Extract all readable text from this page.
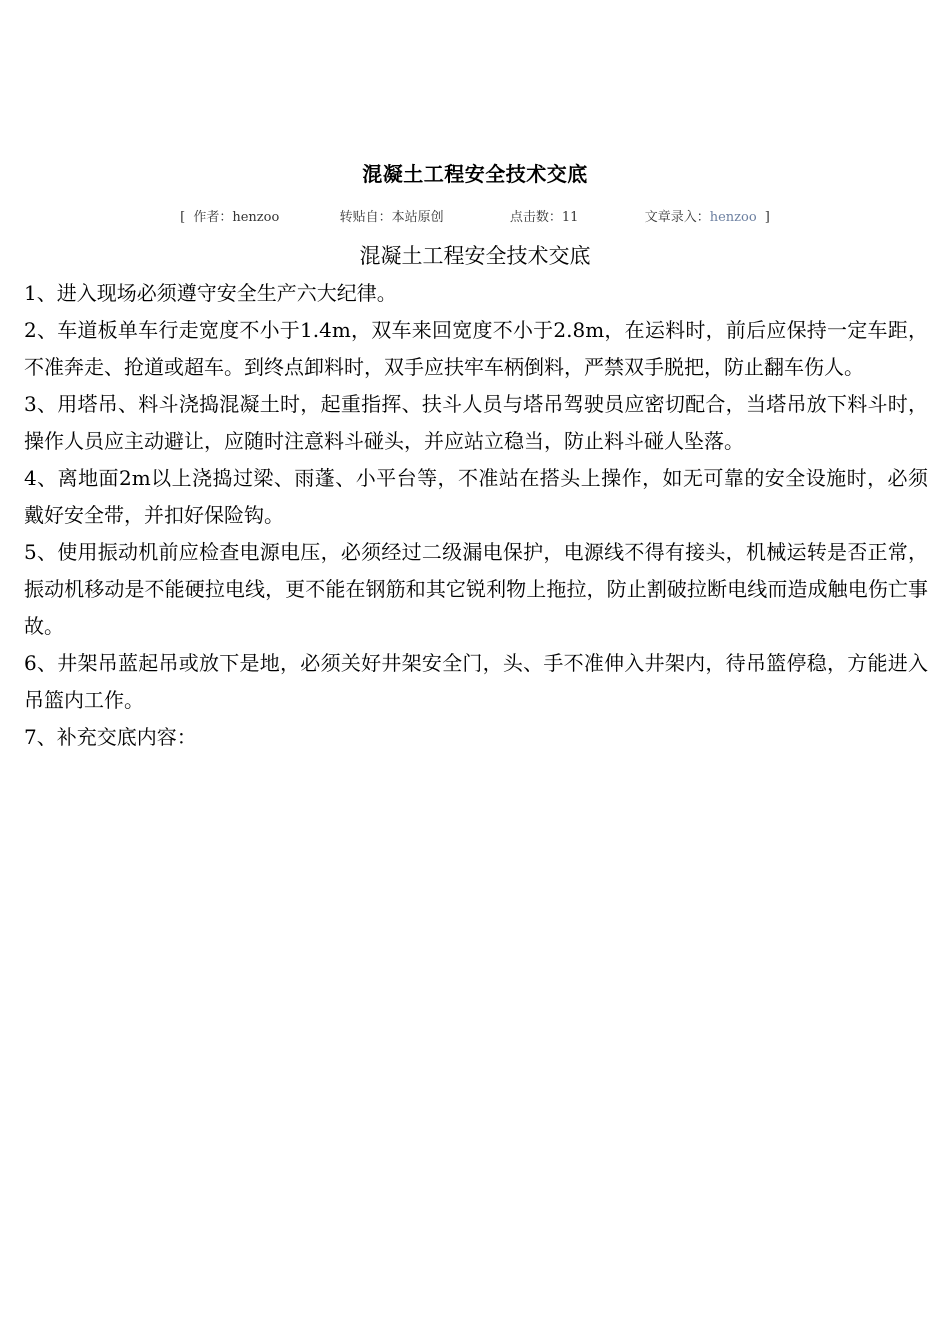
混凝土工程安全技术交底
[ 作者：henzoo	转贴自：本站原创	点击数：11	文章录入：henzoo ]
混凝土工程安全技术交底

1、进入现场必须遵守安全生产六大纪律。

2、车道板单车行走宽度不小于1.4m，双车来回宽度不小于2.8m，在运料时，前后应保持一定车距，不准奔走、抢道或超车。到终点卸料时，双手应扶牢车柄倒料，严禁双手脱把，防止翻车伤人。

3、用塔吊、料斗浇捣混凝土时，起重指挥、扶斗人员与塔吊驾驶员应密切配合，当塔吊放下料斗时，操作人员应主动避让，应随时注意料斗碰头，并应站立稳当，防止料斗碰人坠落。

4、离地面2m以上浇捣过梁、雨蓬、小平台等，不准站在搭头上操作，如无可靠的安全设施时，必须戴好安全带，并扣好保险钩。

5、使用振动机前应检查电源电压，必须经过二级漏电保护，电源线不得有接头，机械运转是否正常，振动机移动是不能硬拉电线，更不能在钢筋和其它锐利物上拖拉，防止割破拉断电线而造成触电伤亡事故。

6、井架吊蓝起吊或放下是地，必须关好井架安全门，头、手不准伸入井架内，待吊篮停稳，方能进入吊篮内工作。

7、补充交底内容：
